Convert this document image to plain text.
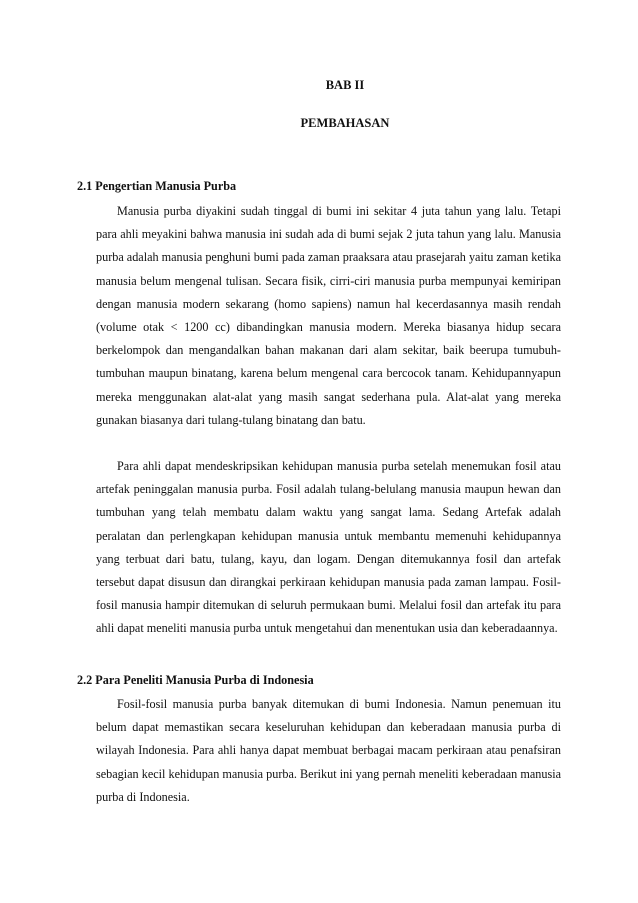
BAB II
PEMBAHASAN
2.1 Pengertian Manusia Purba

Manusia purba diyakini sudah tinggal di bumi ini sekitar 4 juta tahun yang lalu. Tetapi para ahli meyakini bahwa manusia ini sudah ada di bumi sejak 2 juta tahun yang lalu. Manusia purba adalah manusia penghuni bumi pada zaman praaksara atau prasejarah yaitu zaman ketika manusia belum mengenal tulisan. Secara fisik, cirri-ciri manusia purba mempunyai kemiripan dengan manusia modern sekarang (homo sapiens) namun hal kecerdasannya masih rendah (volume otak < 1200 cc) dibandingkan manusia modern. Mereka biasanya hidup secara berkelompok dan mengandalkan bahan makanan dari alam sekitar, baik beerupa tumubuh-tumbuhan maupun binatang, karena belum mengenal cara bercocok tanam. Kehidupannyapun mereka menggunakan alat-alat yang masih sangat sederhana pula. Alat-alat yang mereka gunakan biasanya dari tulang-tulang binatang dan batu.

Para ahli dapat mendeskripsikan kehidupan manusia purba setelah menemukan fosil atau artefak peninggalan manusia purba. Fosil adalah tulang-belulang manusia maupun hewan dan tumbuhan yang telah membatu dalam waktu yang sangat lama. Sedang Artefak adalah peralatan dan perlengkapan kehidupan manusia untuk membantu memenuhi kehidupannya yang terbuat dari batu, tulang, kayu, dan logam. Dengan ditemukannya fosil dan artefak tersebut dapat disusun dan dirangkai perkiraan kehidupan manusia pada zaman lampau. Fosil-fosil manusia hampir ditemukan di seluruh permukaan bumi. Melalui fosil dan artefak itu para ahli dapat meneliti manusia purba untuk mengetahui dan menentukan usia dan keberadaannya.

2.2 Para Peneliti Manusia Purba di Indonesia

Fosil-fosil manusia purba banyak ditemukan di bumi Indonesia. Namun penemuan itu belum dapat memastikan secara keseluruhan kehidupan dan keberadaan manusia purba di wilayah Indonesia. Para ahli hanya dapat membuat berbagai macam perkiraan atau penafsiran sebagian kecil kehidupan manusia purba. Berikut ini yang pernah meneliti keberadaan manusia purba di Indonesia.
